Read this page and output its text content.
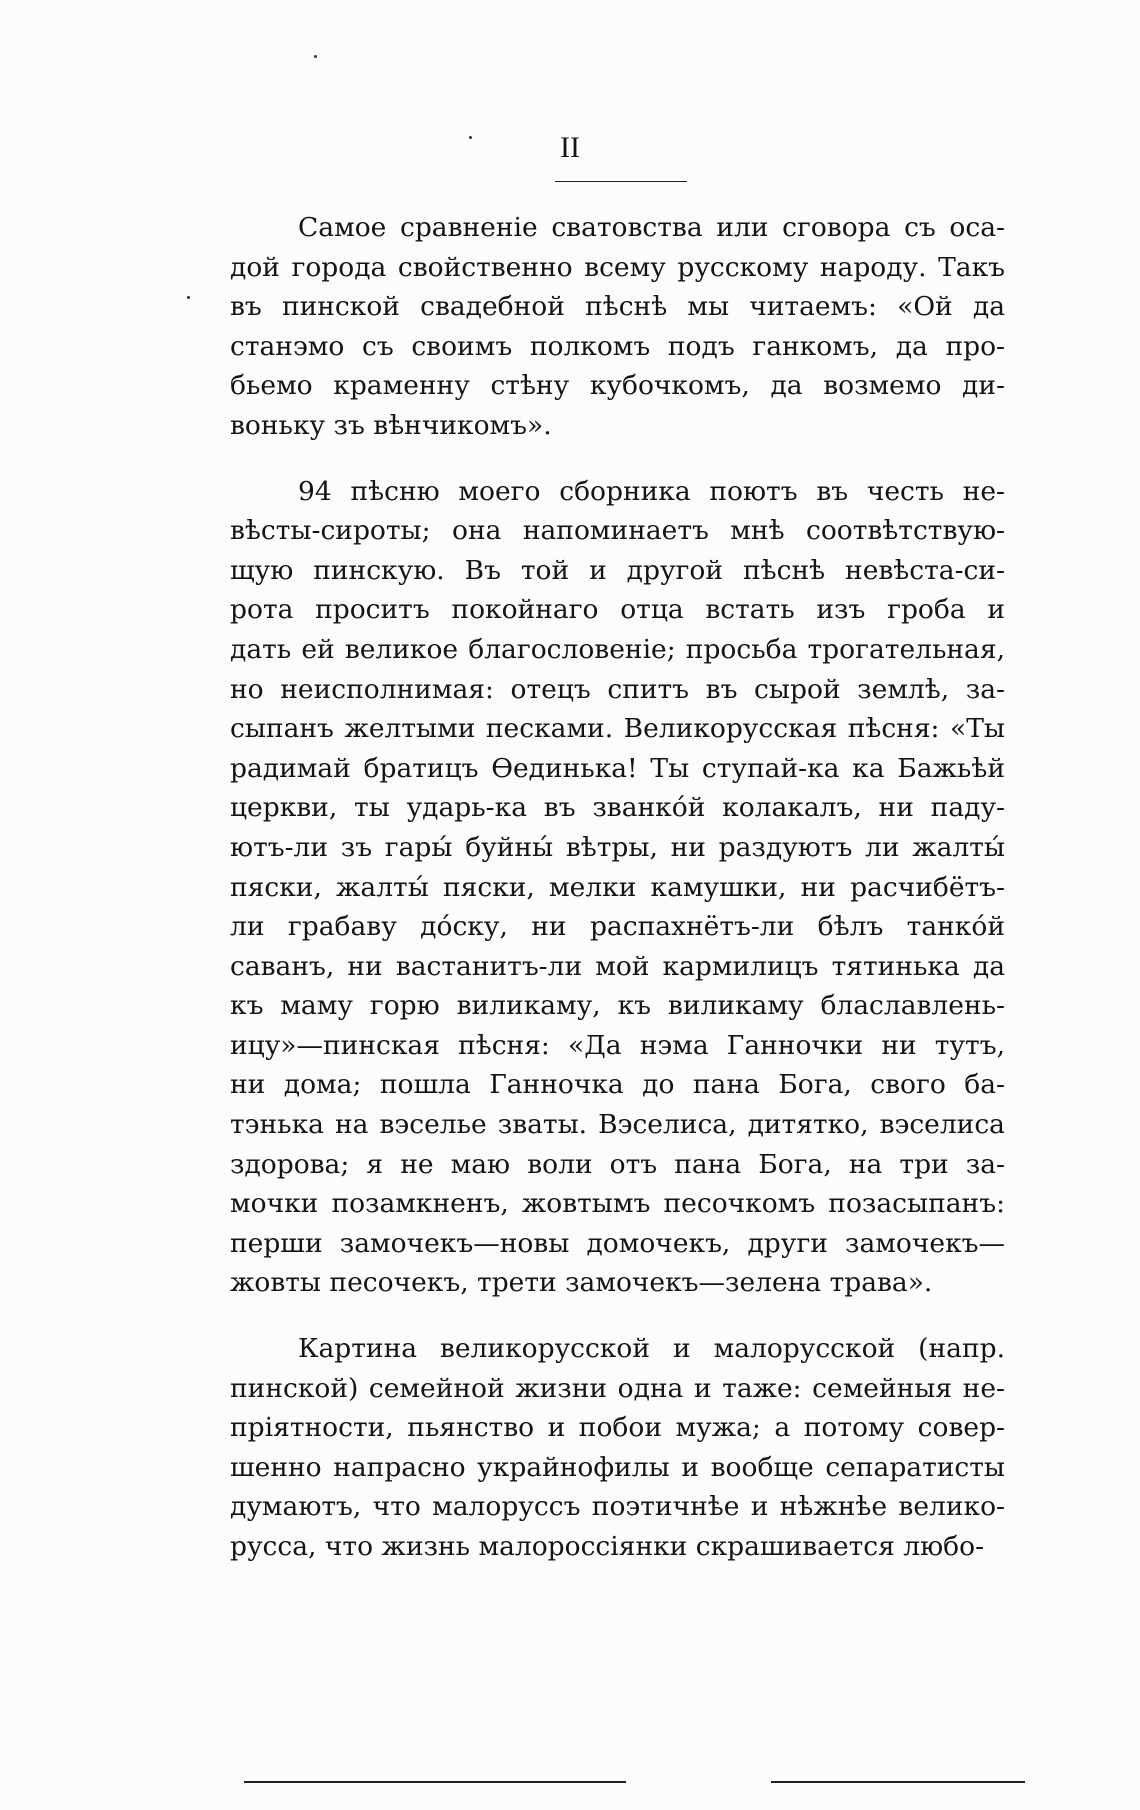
II
Самое сравненіе сватовства или сговора съ оса-
дой города свойственно всему русскому народу. Такъ
въ пинской свадебной пѣснѣ мы читаемъ: «Ой да
станэмо съ своимъ полкомъ подъ ганкомъ, да про-
бьемо краменну стѣну кубочкомъ, да возмемо ди-
воньку зъ вѣнчикомъ».
94 пѣсню моего сборника поютъ въ честь не-
вѣсты-сироты; она напоминаетъ мнѣ соотвѣтствую-
щую пинскую. Въ той и другой пѣснѣ невѣста-си-
рота проситъ покойнаго отца встать изъ гроба и
дать ей великое благословеніе; просьба трогательная,
но неисполнимая: отецъ спитъ въ сырой землѣ, за-
сыпанъ желтыми песками. Великорусская пѣсня: «Ты
радимай братицъ Ѳединька! Ты ступай-ка ка Бажьѣй
церкви, ты ударь-ка въ званко́й колакалъ, ни паду-
ютъ-ли зъ гары́ буйны́ вѣтры, ни раздуютъ ли жалты́
пяски, жалты́ пяски, мелки камушки, ни расчибётъ-
ли грабаву до́ску, ни распахнётъ-ли бѣлъ танко́й
саванъ, ни вастанитъ-ли мой кармилицъ тятинька да
къ маму горю виликаму, къ виликаму блаславлень-
ицу»—пинская пѣсня: «Да нэма Ганночки ни тутъ,
ни дома; пошла Ганночка до пана Бога, свого ба-
тэнька на вэселье зваты. Вэселиса, дитятко, вэселиса
здорова; я не маю воли отъ пана Бога, на три за-
мочки позамкненъ, жовтымъ песочкомъ позасыпанъ:
перши замочекъ—новы домочекъ, други замочекъ—
жовты песочекъ, трети замочекъ—зелена трава».
Картина великорусской и малорусской (напр.
пинской) семейной жизни одна и таже: семейныя не-
пріятности, пьянство и побои мужа; а потому совер-
шенно напрасно украйнофилы и вообще сепаратисты
думаютъ, что малоруссъ поэтичнѣе и нѣжнѣе велико-
русса, что жизнь малороссіянки скрашивается любо-
